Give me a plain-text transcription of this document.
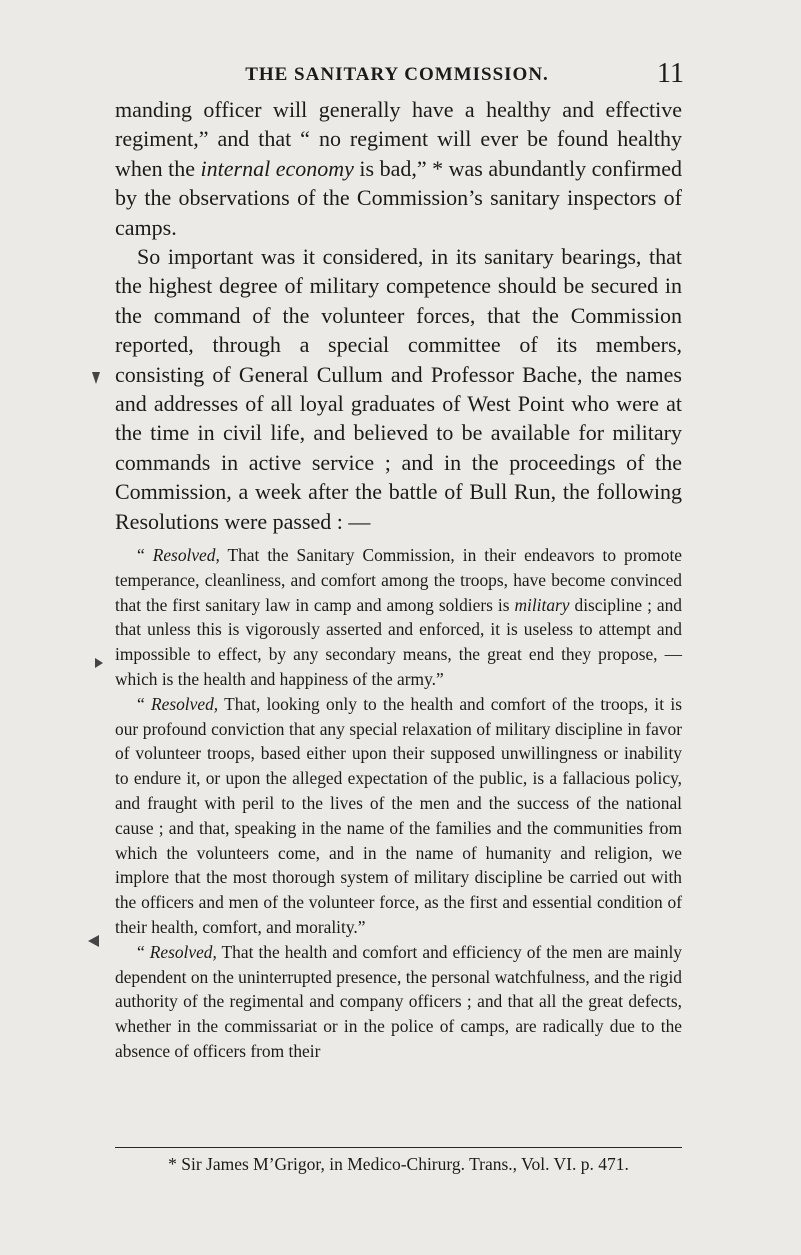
THE SANITARY COMMISSION.	11

manding officer will generally have a healthy and effective regiment,” and that “ no regiment will ever be found healthy when the internal economy is bad,” * was abundantly confirmed by the observations of the Commission’s sanitary inspectors of camps.

So important was it considered, in its sanitary bearings, that the highest degree of military competence should be secured in the command of the volunteer forces, that the Commission reported, through a special committee of its members, consisting of General Cullum and Professor Bache, the names and addresses of all loyal graduates of West Point who were at the time in civil life, and believed to be available for military commands in active service ; and in the proceedings of the Commission, a week after the battle of Bull Run, the following Resolutions were passed : —

“ Resolved, That the Sanitary Commission, in their endeavors to promote temperance, cleanliness, and comfort among the troops, have become convinced that the first sanitary law in camp and among soldiers is military discipline ; and that unless this is vigorously asserted and enforced, it is useless to attempt and impossible to effect, by any secondary means, the great end they propose, — which is the health and happiness of the army.”

“ Resolved, That, looking only to the health and comfort of the troops, it is our profound conviction that any special relaxation of military discipline in favor of volunteer troops, based either upon their supposed unwillingness or inability to endure it, or upon the alleged expectation of the public, is a fallacious policy, and fraught with peril to the lives of the men and the success of the national cause ; and that, speaking in the name of the families and the communities from which the volunteers come, and in the name of humanity and religion, we implore that the most thorough system of military discipline be carried out with the officers and men of the volunteer force, as the first and essential condition of their health, comfort, and morality.”

“ Resolved, That the health and comfort and efficiency of the men are mainly dependent on the uninterrupted presence, the personal watchfulness, and the rigid authority of the regimental and company officers ; and that all the great defects, whether in the commissariat or in the police of camps, are radically due to the absence of officers from their

* Sir James M’Grigor, in Medico-Chirurg. Trans., Vol. VI. p. 471.
